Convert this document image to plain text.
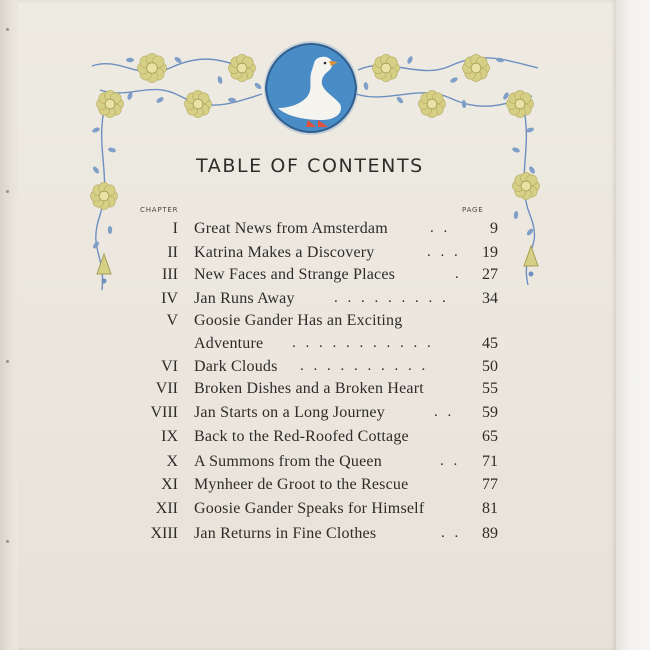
TABLE OF CONTENTS
CHAPTER	PAGE
I Great News from Amsterdam	. .	9
II Katrina Makes a Discovery	. . .	19
III New Faces and Strange Places	.	27
IV Jan Runs Away	. . . . . . . . .	34
V Goosie Gander Has an Exciting
Adventure . . . . . . . . . . .	45
VI Dark Clouds . . . . . . . . . .	50
VII Broken Dishes and a Broken Heart	55
VIII Jan Starts on a Long Journey	. .	59
IX Back to the Red-Roofed Cottage	65
X A Summons from the Queen	. .	71
XI Mynheer de Groot to the Rescue	77
XII Goosie Gander Speaks for Himself	81
XIII Jan Returns in Fine Clothes	. .	89
